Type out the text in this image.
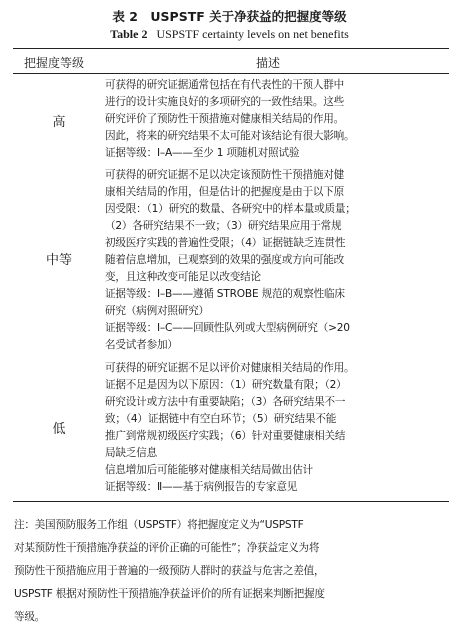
表 2　USPSTF 关于净获益的把握度等级
Table 2 USPSTF certainty levels on net benefits
把握度等级	描述
高
可获得的研究证据通常包括在有代表性的干预人群中
进行的设计实施良好的多项研究的一致性结果。这些
研究评价了预防性干预措施对健康相关结局的作用。
因此，将来的研究结果不太可能对该结论有很大影响。
证据等级：Ⅰ–A——至少 1 项随机对照试验
中等
可获得的研究证据不足以决定该预防性干预措施对健
康相关结局的作用，但是估计的把握度是由于以下原
因受限：（1）研究的数量、各研究中的样本量或质量；
（2）各研究结果不一致；（3）研究结果应用于常规
初级医疗实践的普遍性受限；（4）证据链缺乏连贯性
随着信息增加，已观察到的效果的强度或方向可能改
变，且这种改变可能足以改变结论
证据等级：Ⅰ–B——遵循 STROBE 规范的观察性临床
研究（病例对照研究）
证据等级：Ⅰ–C——回顾性队列或大型病例研究（>20
名受试者参加）
低
可获得的研究证据不足以评价对健康相关结局的作用。
证据不足是因为以下原因：（1）研究数量有限；（2）
研究设计或方法中有重要缺陷；（3）各研究结果不一
致；（4）证据链中有空白环节；（5）研究结果不能
推广到常规初级医疗实践；（6）针对重要健康相关结
局缺乏信息
信息增加后可能能够对健康相关结局做出估计
证据等级：Ⅱ——基于病例报告的专家意见
注：美国预防服务工作组（USPSTF）将把握度定义为“USPSTF
对某预防性干预措施净获益的评价正确的可能性”；净获益定义为将
预防性干预措施应用于普遍的一级预防人群时的获益与危害之差值，
USPSTF 根据对预防性干预措施净获益评价的所有证据来判断把握度
等级。
